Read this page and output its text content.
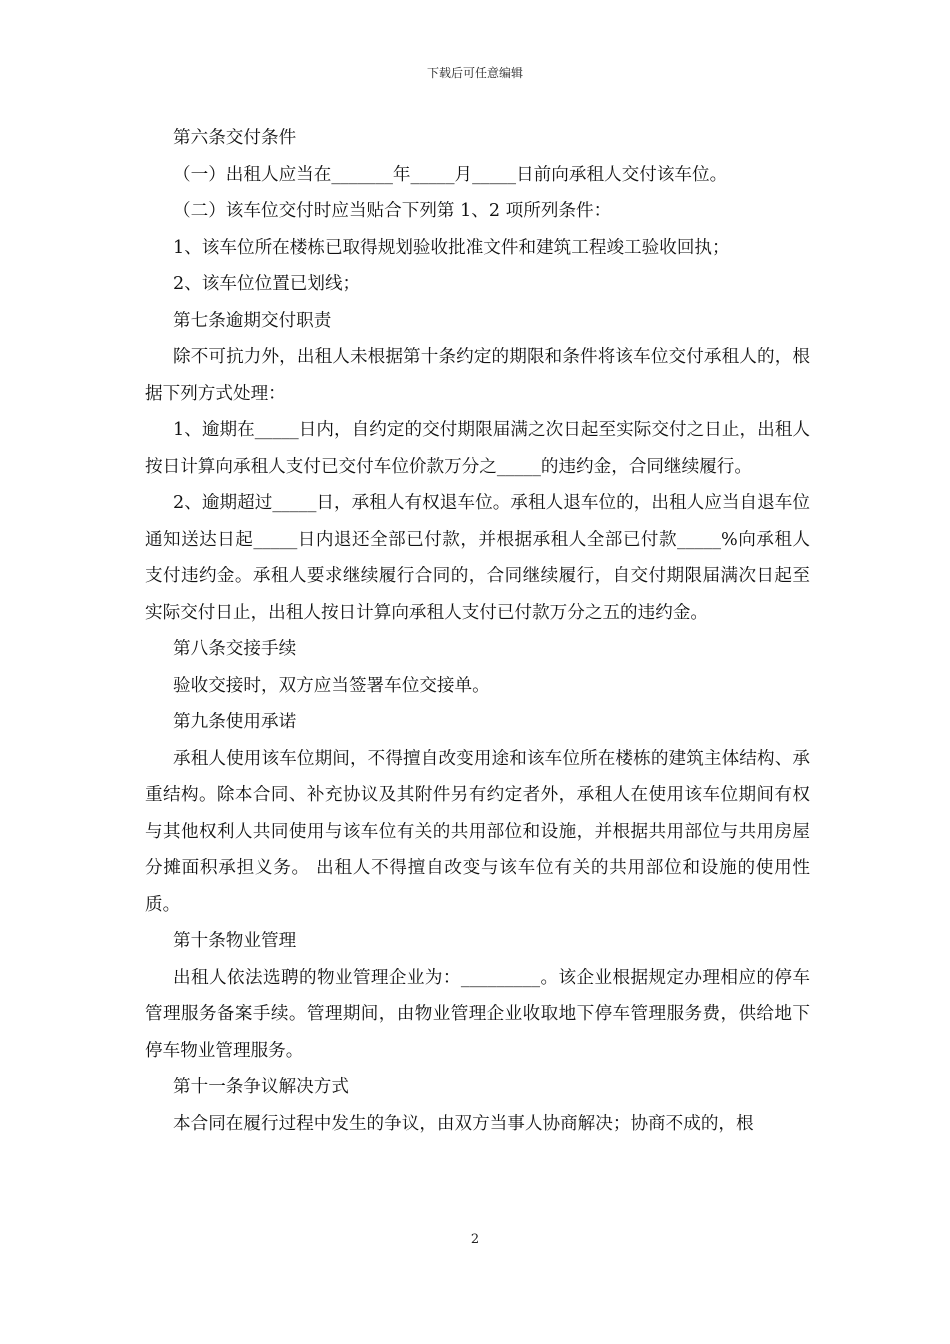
下载后可任意编辑

第六条交付条件

（一）出租人应当在_______年_____月_____日前向承租人交付该车位。

（二）该车位交付时应当贴合下列第 1、2 项所列条件：

1、该车位所在楼栋已取得规划验收批准文件和建筑工程竣工验收回执；

2、该车位位置已划线；

第七条逾期交付职责

除不可抗力外，出租人未根据第十条约定的期限和条件将该车位交付承租人的，根据下列方式处理：

1、逾期在_____日内，自约定的交付期限届满之次日起至实际交付之日止，出租人按日计算向承租人支付已交付车位价款万分之_____的违约金，合同继续履行。

2、逾期超过_____日，承租人有权退车位。承租人退车位的，出租人应当自退车位通知送达日起_____日内退还全部已付款，并根据承租人全部已付款_____%向承租人支付违约金。承租人要求继续履行合同的，合同继续履行，自交付期限届满次日起至实际交付日止，出租人按日计算向承租人支付已付款万分之五的违约金。

第八条交接手续

验收交接时，双方应当签署车位交接单。

第九条使用承诺

承租人使用该车位期间，不得擅自改变用途和该车位所在楼栋的建筑主体结构、承重结构。除本合同、补充协议及其附件另有约定者外，承租人在使用该车位期间有权与其他权利人共同使用与该车位有关的共用部位和设施，并根据共用部位与共用房屋分摊面积承担义务。 出租人不得擅自改变与该车位有关的共用部位和设施的使用性质。

第十条物业管理

出租人依法选聘的物业管理企业为：_________。该企业根据规定办理相应的停车管理服务备案手续。管理期间，由物业管理企业收取地下停车管理服务费，供给地下停车物业管理服务。

第十一条争议解决方式

本合同在履行过程中发生的争议，由双方当事人协商解决；协商不成的，根

2
